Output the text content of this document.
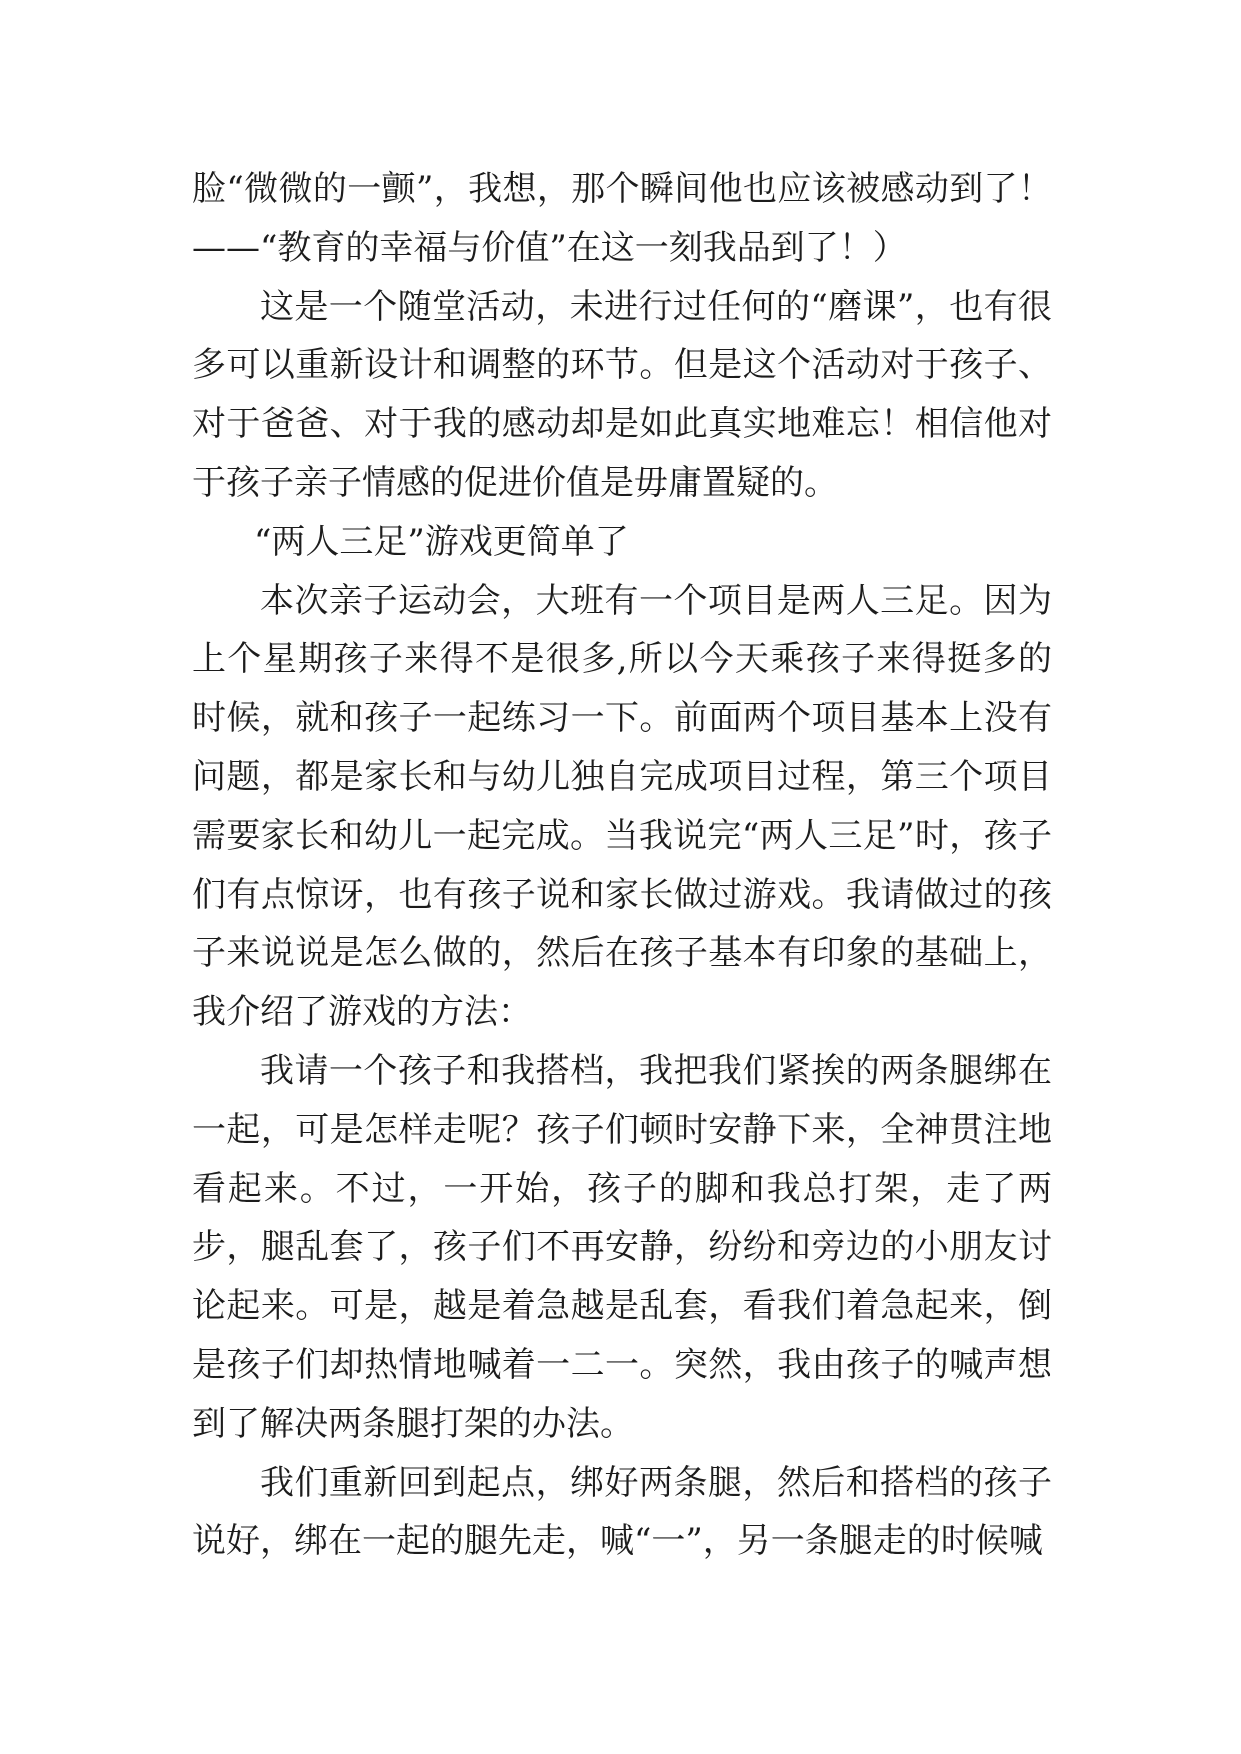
脸“微微的一颤”，我想，那个瞬间他也应该被感动到了！——“教育的幸福与价值”在这一刻我品到了！）

这是一个随堂活动，未进行过任何的“磨课”，也有很多可以重新设计和调整的环节。但是这个活动对于孩子、对于爸爸、对于我的感动却是如此真实地难忘！相信他对于孩子亲子情感的促进价值是毋庸置疑的。

“两人三足”游戏更简单了

本次亲子运动会，大班有一个项目是两人三足。因为上个星期孩子来得不是很多,所以今天乘孩子来得挺多的时候，就和孩子一起练习一下。前面两个项目基本上没有问题，都是家长和与幼儿独自完成项目过程，第三个项目需要家长和幼儿一起完成。当我说完“两人三足”时，孩子们有点惊讶，也有孩子说和家长做过游戏。我请做过的孩子来说说是怎么做的，然后在孩子基本有印象的基础上，我介绍了游戏的方法：

我请一个孩子和我搭档，我把我们紧挨的两条腿绑在一起，可是怎样走呢？孩子们顿时安静下来，全神贯注地看起来。不过，一开始，孩子的脚和我总打架，走了两步，腿乱套了，孩子们不再安静，纷纷和旁边的小朋友讨论起来。可是，越是着急越是乱套，看我们着急起来，倒是孩子们却热情地喊着一二一。突然，我由孩子的喊声想到了解决两条腿打架的办法。

我们重新回到起点，绑好两条腿，然后和搭档的孩子说好，绑在一起的腿先走，喊“一”，另一条腿走的时候喊
